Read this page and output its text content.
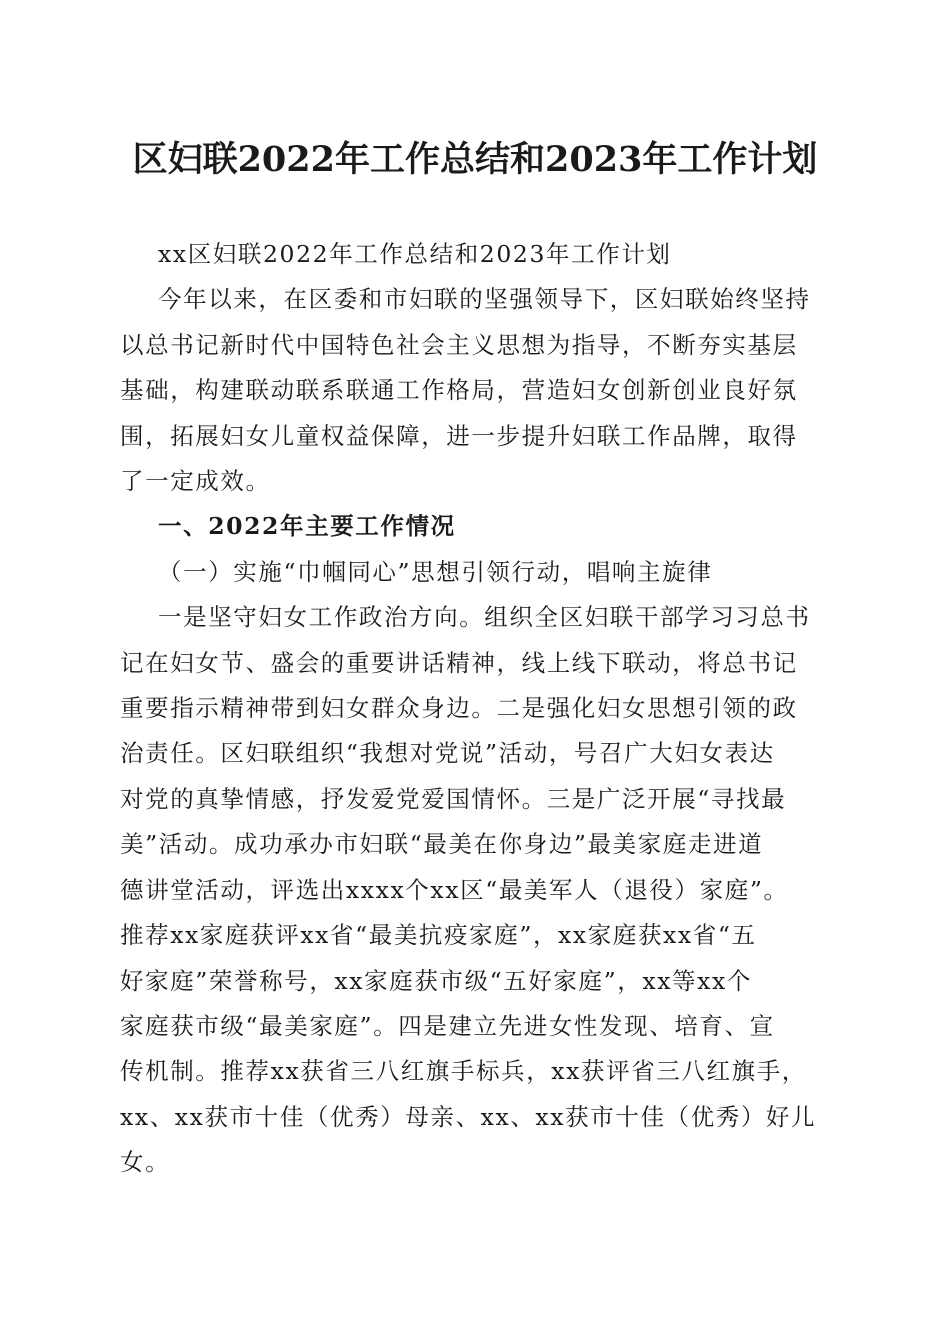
区妇联2022年工作总结和2023年工作计划
xx区妇联2022年工作总结和2023年工作计划
今年以来，在区委和市妇联的坚强领导下，区妇联始终坚持
以总书记新时代中国特色社会主义思想为指导，不断夯实基层
基础，构建联动联系联通工作格局，营造妇女创新创业良好氛
围，拓展妇女儿童权益保障，进一步提升妇联工作品牌，取得
了一定成效。
一、2022年主要工作情况
（一）实施“巾帼同心”思想引领行动，唱响主旋律
一是坚守妇女工作政治方向。组织全区妇联干部学习习总书
记在妇女节、盛会的重要讲话精神，线上线下联动，将总书记
重要指示精神带到妇女群众身边。二是强化妇女思想引领的政
治责任。区妇联组织“我想对党说”活动，号召广大妇女表达
对党的真挚情感，抒发爱党爱国情怀。三是广泛开展“寻找最
美”活动。成功承办市妇联“最美在你身边”最美家庭走进道
德讲堂活动，评选出xxxx个xx区“最美军人（退役）家庭”。
推荐xx家庭获评xx省“最美抗疫家庭”，xx家庭获xx省“五
好家庭”荣誉称号，xx家庭获市级“五好家庭”，xx等xx个
家庭获市级“最美家庭”。四是建立先进女性发现、培育、宣
传机制。推荐xx获省三八红旗手标兵，xx获评省三八红旗手，
xx、xx获市十佳（优秀）母亲、xx、xx获市十佳（优秀）好儿
女。
